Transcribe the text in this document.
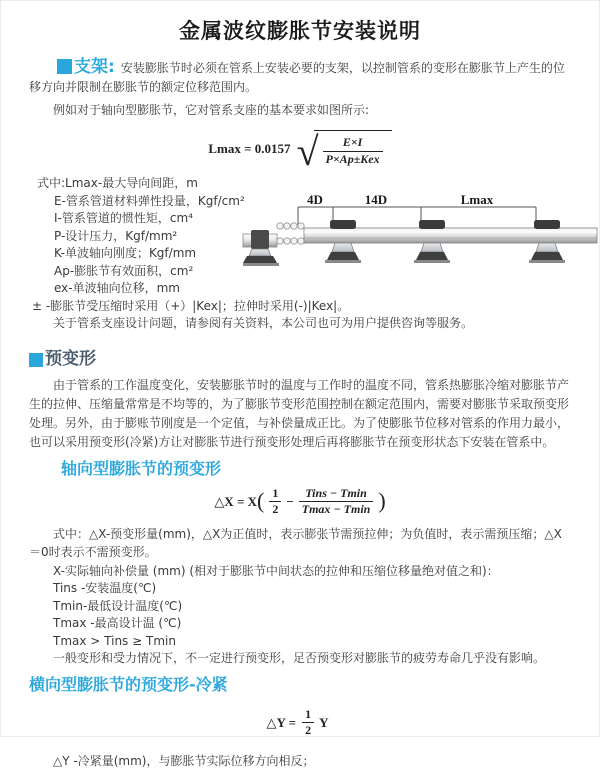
金属波纹膨胀节安装说明

支架: 安装膨胀节时必须在管系上安装必要的支架，以控制管系的变形在膨胀节上产生的位移方向并限制在膨胀节的额定位移范围内。

例如对于轴向型膨胀节，它对管系支座的基本要求如图所示:

Lmax = 0.0157 √ $\frac{E\times I}{\text{P×Ap±Kex}}$
式中:Lmax-最大导向间距，m
E-管系管道材料弹性投量，Kgf/cm²
I-管系管道的惯性矩，cm⁴
P-设计压力，Kgf/mm²
K-单波轴向刚度；Kgf/mm
Ap-膨胀节有效面积，cm²
ex-单波轴向位移，mm
± -膨胀节受压缩时采用（+）|Kex|；拉伸时采用(-)|Kex|。

关于管系支座设计问题，请参阅有关资料，本公司也可为用户提供咨询等服务。

预变形

由于管系的工作温度变化，安装膨胀节时的温度与工作时的温度不同，管系热膨胀冷缩对膨胀节产生的拉伸、压缩量常常是不均等的，为了膨胀节变形范围控制在额定范围内，需要对膨胀节采取预变形处理。另外，由于膨账节刚度是一个定值，与补偿量成正比。为了使膨胀节位移对管系的作用力最小，也可以采用预变形(冷紧)方让对膨胀节进行预变形处理后再将膨胀节在预变形状态下安装在管系中。

轴向型膨胀节的预变形
△X = X ( $\frac{1}{2} - \frac{\text{Tins − Tmin}}{Tmax - Tmin}$ )

式中：△X-预变形量(mm)，△X为正值时，表示膨张节需预拉伸；为负值时，表示需预压缩；△X＝0时表示不需预变形。

X-实际轴向补偿量 (mm) (相对于膨胀节中间状态的拉伸和压缩位移量绝对值之和)：
Tins -安装温度(℃)
Tmin-最低设计温度(℃)
Tmax -最高设计温 (℃)
Tmax > Tins ≥ Tmin
一般变形和受力情况下，不一定进行预变形，足否预变形对膨胀节的疲劳寿命几乎没有影响。
横向型膨胀节的预变形-冷紧
△Y = $\frac{1}{2}$ Y

△Y -冷紧量(mm)，与膨胀节实际位移方向相反；

4D	14D	Lmax
